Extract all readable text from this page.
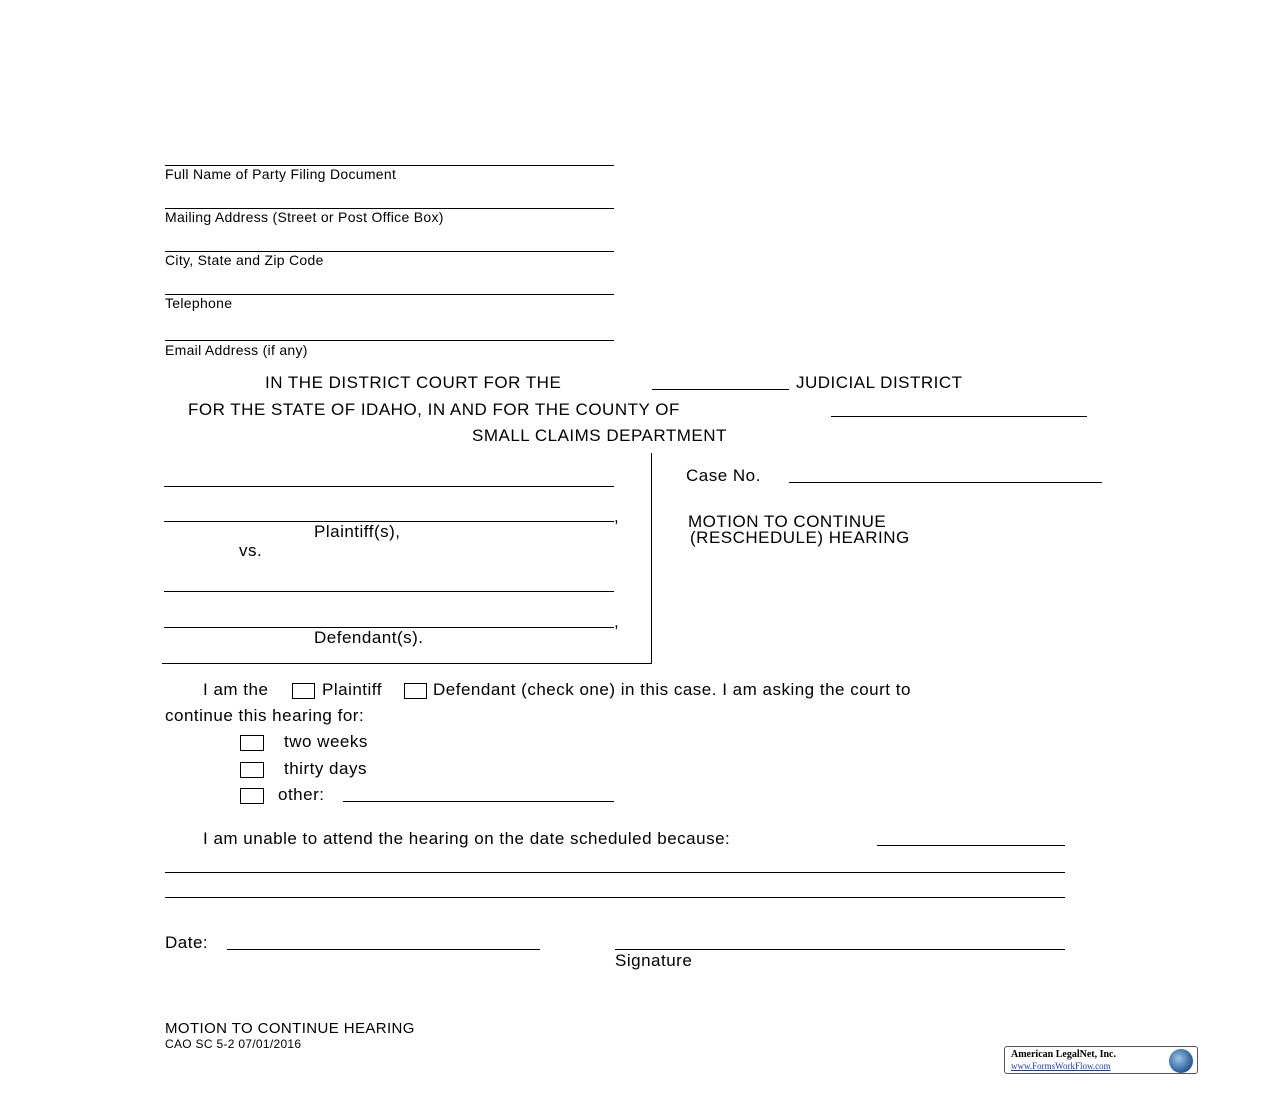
Full Name of Party Filing Document
Mailing Address (Street or Post Office Box)
City, State and Zip Code
Telephone
Email Address (if any)
IN THE DISTRICT COURT FOR THE	JUDICIAL DISTRICT
FOR THE STATE OF IDAHO, IN AND FOR THE COUNTY OF
SMALL CLAIMS DEPARTMENT
,
Plaintiff(s),
vs.
,
Defendant(s).
Case No.
MOTION TO CONTINUE
(RESCHEDULE) HEARING
I am the	Plaintiff	Defendant (check one) in this case. I am asking the court to
continue this hearing for:
two weeks
thirty days
other:
I am unable to attend the hearing on the date scheduled because:
Date:
Signature
MOTION TO CONTINUE HEARING
CAO SC 5-2 07/01/2016
American LegalNet, Inc.
www.FormsWorkFlow.com
